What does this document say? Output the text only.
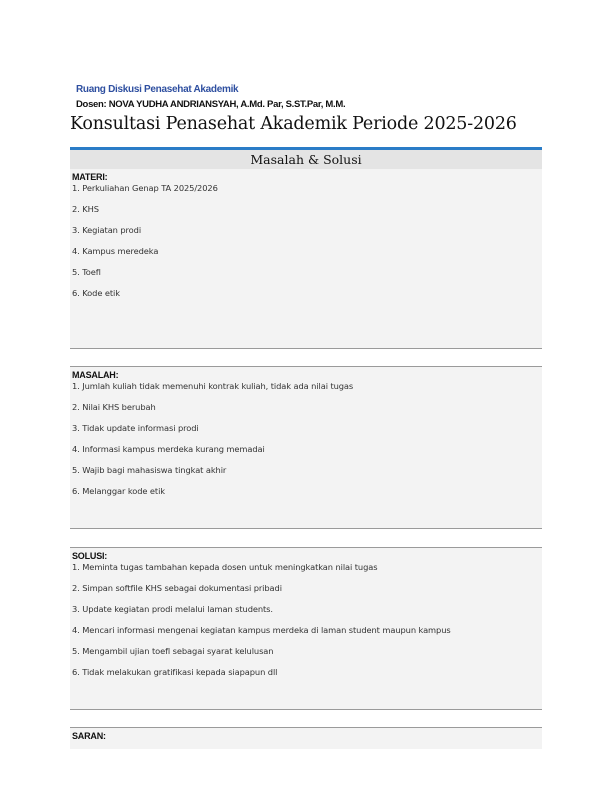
Ruang Diskusi Penasehat Akademik
Dosen: NOVA YUDHA ANDRIANSYAH, A.Md. Par, S.ST.Par, M.M.
Konsultasi Penasehat Akademik Periode 2025-2026
Masalah & Solusi
MATERI:
1. Perkuliahan Genap TA 2025/2026
2. KHS
3. Kegiatan prodi
4. Kampus meredeka
5. Toefl
6. Kode etik
MASALAH:
1. Jumlah kuliah tidak memenuhi kontrak kuliah, tidak ada nilai tugas
2. Nilai KHS berubah
3. Tidak update informasi prodi
4. Informasi kampus merdeka kurang memadai
5. Wajib bagi mahasiswa tingkat akhir
6. Melanggar kode etik
SOLUSI:
1. Meminta tugas tambahan kepada dosen untuk meningkatkan nilai tugas
2. Simpan softfile KHS sebagai dokumentasi pribadi
3. Update kegiatan prodi melalui laman students.
4. Mencari informasi mengenai kegiatan kampus merdeka di laman student maupun kampus
5. Mengambil ujian toefl sebagai syarat kelulusan
6. Tidak melakukan gratifikasi kepada siapapun dll
SARAN:
